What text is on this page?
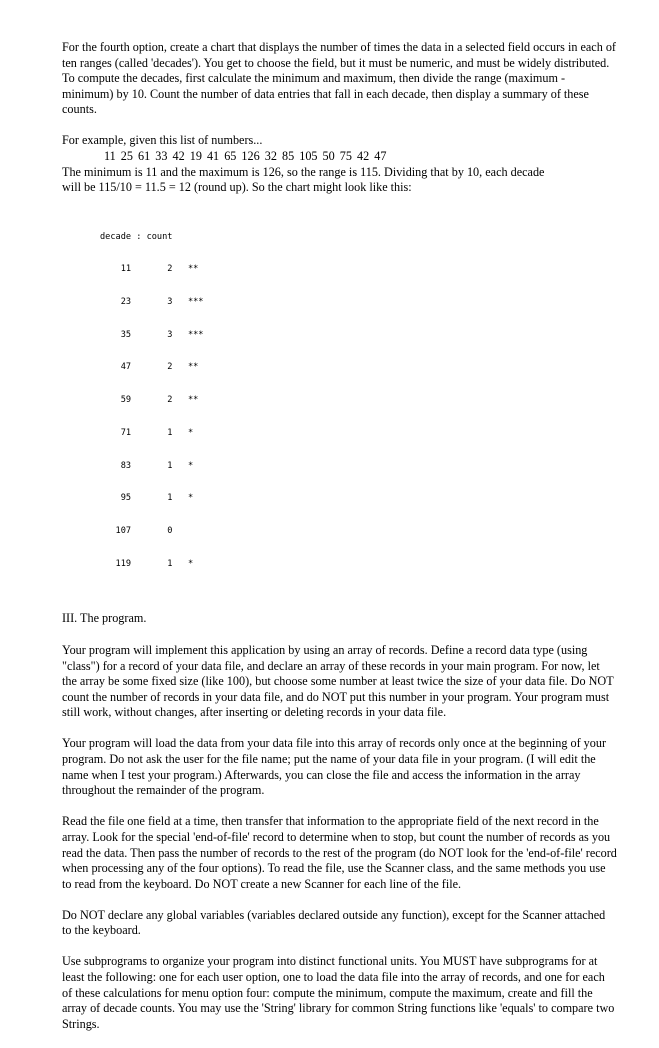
For the fourth option, create a chart that displays the number of times the data in a selected field occurs in each of ten ranges (called 'decades'). You get to choose the field, but it must be numeric, and must be widely distributed. To compute the decades, first calculate the minimum and maximum, then divide the range (maximum - minimum) by 10. Count the number of data entries that fall in each decade, then display a summary of these counts.

For example, given this list of numbers...

11 25 61 33 42 19 41 65 126 32 85 105 50 75 42 47

The minimum is 11 and the maximum is 126, so the range is 115. Dividing that by 10, each decade

will be 115/10 = 11.5 = 12 (round up). So the chart might look like this:

decade : count

11       2   **

23       3   ***

35       3   ***

47       2   **

59       2   **

71       1   *

83       1   *

95       1   *

107       0

119       1   *

III. The program.

Your program will implement this application by using an array of records. Define a record data type (using "class") for a record of your data file, and declare an array of these records in your main program. For now, let the array be some fixed size (like 100), but choose some number at least twice the size of your data file. Do NOT count the number of records in your data file, and do NOT put this number in your program. Your program must still work, without changes, after inserting or deleting records in your data file.

Your program will load the data from your data file into this array of records only once at the beginning of your program. Do not ask the user for the file name; put the name of your data file in your program. (I will edit the name when I test your program.) Afterwards, you can close the file and access the information in the array throughout the remainder of the program.

Read the file one field at a time, then transfer that information to the appropriate field of the next record in the array. Look for the special 'end-of-file' record to determine when to stop, but count the number of records as you read the data. Then pass the number of records to the rest of the program (do NOT look for the 'end-of-file' record when processing any of the four options). To read the file, use the Scanner class, and the same methods you use to read from the keyboard. Do NOT create a new Scanner for each line of the file.

Do NOT declare any global variables (variables declared outside any function), except for the Scanner attached to the keyboard.

Use subprograms to organize your program into distinct functional units. You MUST have subprograms for at least the following: one for each user option, one to load the data file into the array of records, and one for each of these calculations for menu option four: compute the minimum, compute the maximum, create and fill the array of decade counts. You may use the 'String' library for common String functions like 'equals' to compare two Strings.
